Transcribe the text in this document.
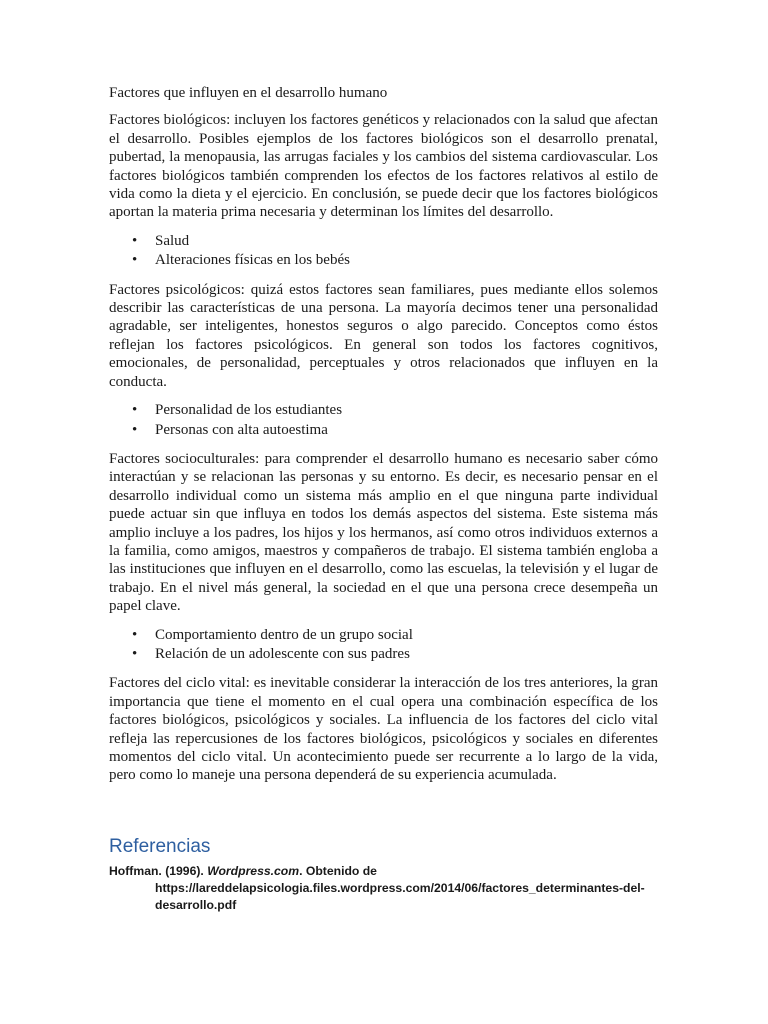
Factores que influyen en el desarrollo humano

Factores biológicos: incluyen los factores genéticos y relacionados con la salud que afectan el desarrollo. Posibles ejemplos de los factores biológicos son el desarrollo prenatal, pubertad, la menopausia, las arrugas faciales y los cambios del sistema cardiovascular. Los factores biológicos también comprenden los efectos de los factores relativos al estilo de vida como la dieta y el ejercicio. En conclusión, se puede decir que los factores biológicos aportan la materia prima necesaria y determinan los límites del desarrollo.

• Salud
• Alteraciones físicas en los bebés

Factores psicológicos: quizá estos factores sean familiares, pues mediante ellos solemos describir las características de una persona. La mayoría decimos tener una personalidad agradable, ser inteligentes, honestos seguros o algo parecido. Conceptos como éstos reflejan los factores psicológicos. En general son todos los factores cognitivos, emocionales, de personalidad, perceptuales y otros relacionados que influyen en la conducta.

• Personalidad de los estudiantes
• Personas con alta autoestima

Factores socioculturales: para comprender el desarrollo humano es necesario saber cómo interactúan y se relacionan las personas y su entorno. Es decir, es necesario pensar en el desarrollo individual como un sistema más amplio en el que ninguna parte individual puede actuar sin que influya en todos los demás aspectos del sistema. Este sistema más amplio incluye a los padres, los hijos y los hermanos, así como otros individuos externos a la familia, como amigos, maestros y compañeros de trabajo. El sistema también engloba a las instituciones que influyen en el desarrollo, como las escuelas, la televisión y el lugar de trabajo. En el nivel más general, la sociedad en el que una persona crece desempeña un papel clave.

• Comportamiento dentro de un grupo social
• Relación de un adolescente con sus padres

Factores del ciclo vital: es inevitable considerar la interacción de los tres anteriores, la gran importancia que tiene el momento en el cual opera una combinación específica de los factores biológicos, psicológicos y sociales. La influencia de los factores del ciclo vital refleja las repercusiones de los factores biológicos, psicológicos y sociales en diferentes momentos del ciclo vital. Un acontecimiento puede ser recurrente a lo largo de la vida, pero como lo maneje una persona dependerá de su experiencia acumulada.

Referencias

Hoffman. (1996). Wordpress.com. Obtenido de https://lareddelapsicologia.files.wordpress.com/2014/06/factores_determinantes-del-desarrollo.pdf
